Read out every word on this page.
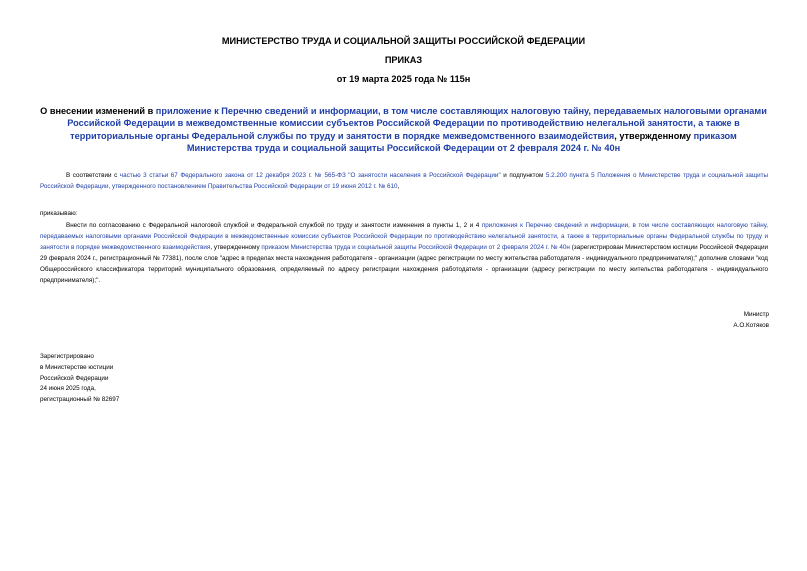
МИНИСТЕРСТВО ТРУДА И СОЦИАЛЬНОЙ ЗАЩИТЫ РОССИЙСКОЙ ФЕДЕРАЦИИ
ПРИКАЗ
от 19 марта 2025 года № 115н
О внесении изменений в приложение к Перечню сведений и информации, в том числе составляющих налоговую тайну, передаваемых налоговыми органами Российской Федерации в межведомственные комиссии субъектов Российской Федерации по противодействию нелегальной занятости, а также в территориальные органы Федеральной службы по труду и занятости в порядке межведомственного взаимодействия, утвержденному приказом Министерства труда и социальной защиты Российской Федерации от 2 февраля 2024 г. № 40н
В соответствии с частью 3 статьи 67 Федерального закона от 12 декабря 2023 г. № 565-ФЗ "О занятости населения в Российской Федерации" и подпунктом 5.2.200 пункта 5 Положения о Министерстве труда и социальной защиты Российской Федерации, утвержденного постановлением Правительства Российской Федерации от 19 июня 2012 г. № 610,
приказываю:
Внести по согласованию с Федеральной налоговой службой и Федеральной службой по труду и занятости изменения в пункты 1, 2 и 4 приложения к Перечню сведений и информации, в том числе составляющих налоговую тайну, передаваемых налоговыми органами Российской Федерации в межведомственные комиссии субъектов Российской Федерации по противодействию нелегальной занятости, а также в территориальные органы Федеральной службы по труду и занятости в порядке межведомственного взаимодействия, утвержденному приказом Министерства труда и социальной защиты Российской Федерации от 2 февраля 2024 г. № 40н (зарегистрирован Министерством юстиции Российской Федерации 29 февраля 2024 г., регистрационный № 77381), после слов "адрес в пределах места нахождения работодателя - организации (адрес регистрации по месту жительства работодателя - индивидуального предпринимателя);" дополнив словами "код Общероссийского классификатора территорий муниципального образования, определяемый по адресу регистрации нахождения работодателя - организации (адресу регистрации по месту жительства работодателя - индивидуального предпринимателя);".
Министр
А.О.Котяков
Зарегистрировано
в Министерстве юстиции
Российской Федерации
24 июня 2025 года,
регистрационный № 82697
